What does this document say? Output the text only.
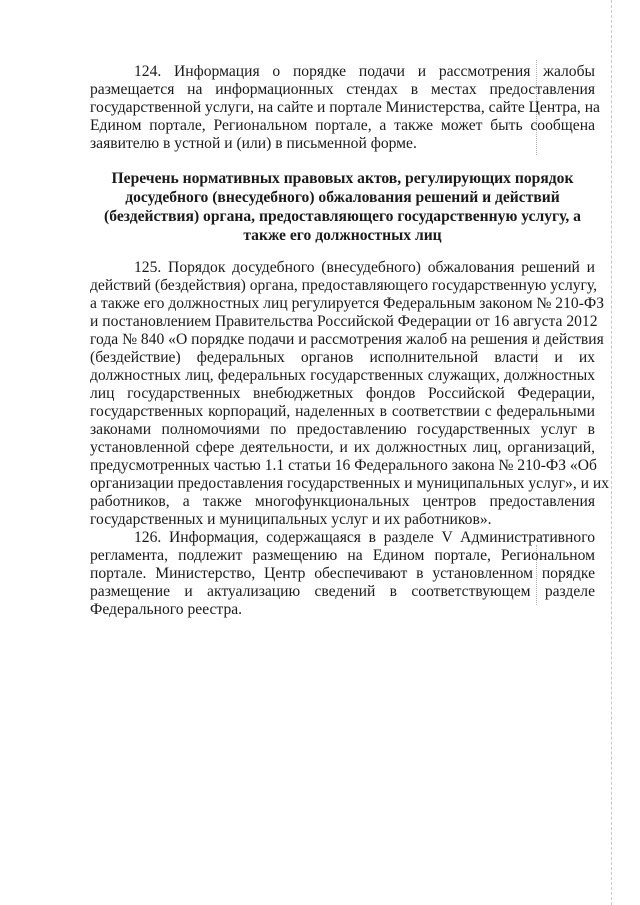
124. Информация о порядке подачи и рассмотрения жалобы
размещается на информационных стендах в местах предоставления
государственной услуги, на сайте и портале Министерства, сайте Центра, на
Едином портале, Региональном портале, а также может быть сообщена
заявителю в устной и (или) в письменной форме.
Перечень нормативных правовых актов, регулирующих порядок
досудебного (внесудебного) обжалования решений и действий
(бездействия) органа, предоставляющего государственную услугу, а
также его должностных лиц
125. Порядок досудебного (внесудебного) обжалования решений и
действий (бездействия) органа, предоставляющего государственную услугу,
а также его должностных лиц регулируется Федеральным законом № 210-ФЗ
и постановлением Правительства Российской Федерации от 16 августа 2012
года № 840 «О порядке подачи и рассмотрения жалоб на решения и действия
(бездействие) федеральных органов исполнительной власти и их
должностных лиц, федеральных государственных служащих, должностных
лиц государственных внебюджетных фондов Российской Федерации,
государственных корпораций, наделенных в соответствии с федеральными
законами полномочиями по предоставлению государственных услуг в
установленной сфере деятельности, и их должностных лиц, организаций,
предусмотренных частью 1.1 статьи 16 Федерального закона № 210-ФЗ «Об
организации предоставления государственных и муниципальных услуг», и их
работников, а также многофункциональных центров предоставления
государственных и муниципальных услуг и их работников».
126. Информация, содержащаяся в разделе V Административного
регламента, подлежит размещению на Едином портале, Региональном
портале. Министерство, Центр обеспечивают в установленном порядке
размещение и актуализацию сведений в соответствующем разделе
Федерального реестра.
